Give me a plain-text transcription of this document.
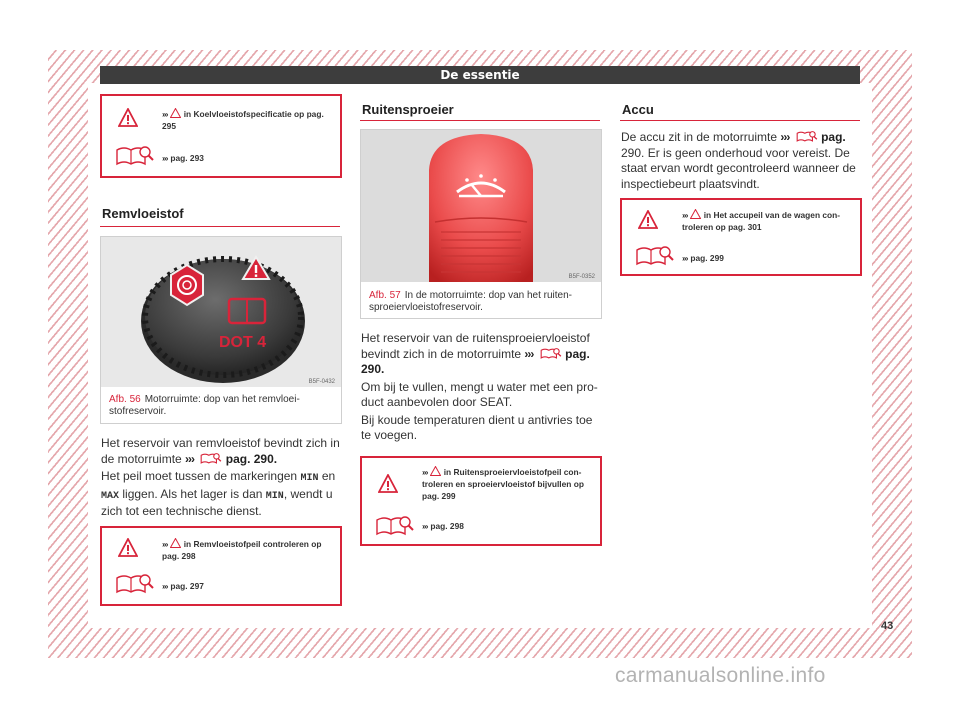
De essentie
››› in Koelvloeistofspecificatie op pag. 295
››› pag. 293
Remvloeistof
DOT 4
B5F-0432
Afb. 56 Motorruimte: dop van het remvloeistofreservoir.
Het reservoir van remvloeistof bevindt zich in
de motorruimte ›››	pag. 290.
Het peil moet tussen de markeringen MIN en
MAX liggen. Als het lager is dan MIN, wendt u
zich tot een technische dienst.
››› in Remvloeistofpeil controleren op pag. 298
››› pag. 297
Ruitensproeier
B5F-0352
Afb. 57 In de motorruimte: dop van het ruiten-
sproeiervloeistofreservoir.
Het reservoir van de ruitensproeiervloeistof
bevindt zich in de motorruimte ›››	pag.
290.
Om bij te vullen, mengt u water met een pro-
duct aanbevolen door SEAT.
Bij koude temperaturen dient u antivries toe
te voegen.
››› in Ruitensproeiervloeistofpeil controleren en sproeiervloeistof bijvullen op pag. 299
››› pag. 298
Accu
De accu zit in de motorruimte ›››	pag.
290. Er is geen onderhoud voor vereist. De
staat ervan wordt gecontroleerd wanneer de
inspectiebeurt plaatsvindt.
››› in Het accupeil van de wagen controleren op pag. 301
››› pag. 299
43
carmanualsonline.info
